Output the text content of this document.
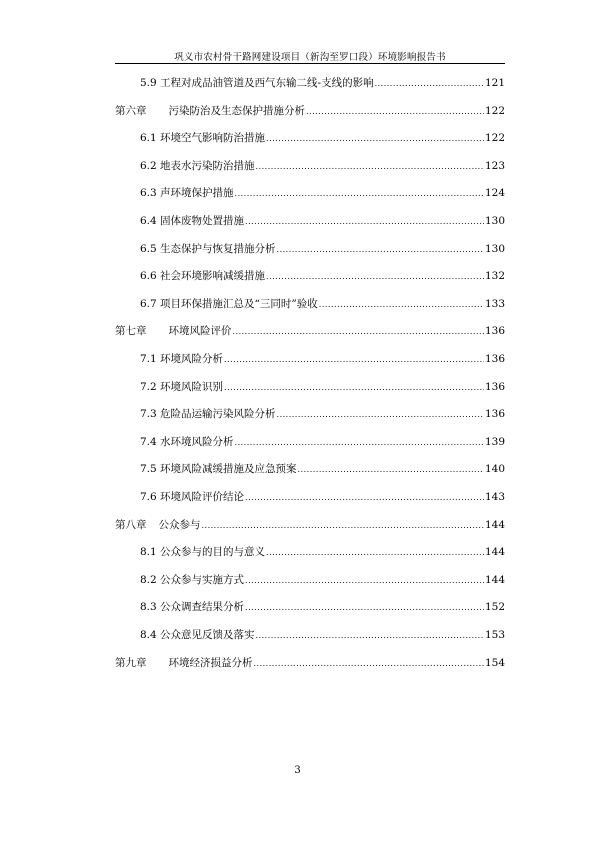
巩义市农村骨干路网建设项目（新沟至罗口段）环境影响报告书
5.9 工程对成品油管道及西气东输二线-支线的影响 .....	121
第六章 污染防治及生态保护措施分析 .....	122
6.1 环境空气影响防治措施 .....	122
6.2 地表水污染防治措施 .....	123
6.3 声环境保护措施 .....	124
6.4 固体废物处置措施 .....	130
6.5 生态保护与恢复措施分析 .....	130
6.6 社会环境影响减缓措施 .....	132
6.7 项目环保措施汇总及“三同时”验收 .....	133
第七章 环境风险评价 .....	136
7.1 环境风险分析 .....	136
7.2 环境风险识别 .....	136
7.3 危险品运输污染风险分析 .....	136
7.4 水环境风险分析 .....	139
7.5 环境风险减缓措施及应急预案 .....	140
7.6 环境风险评价结论 .....	143
第八章 公众参与 .....	144
8.1 公众参与的目的与意义 .....	144
8.2 公众参与实施方式 .....	144
8.3 公众调查结果分析 .....	152
8.4 公众意见反馈及落实 .....	153
第九章 环境经济损益分析 .....	154
3
